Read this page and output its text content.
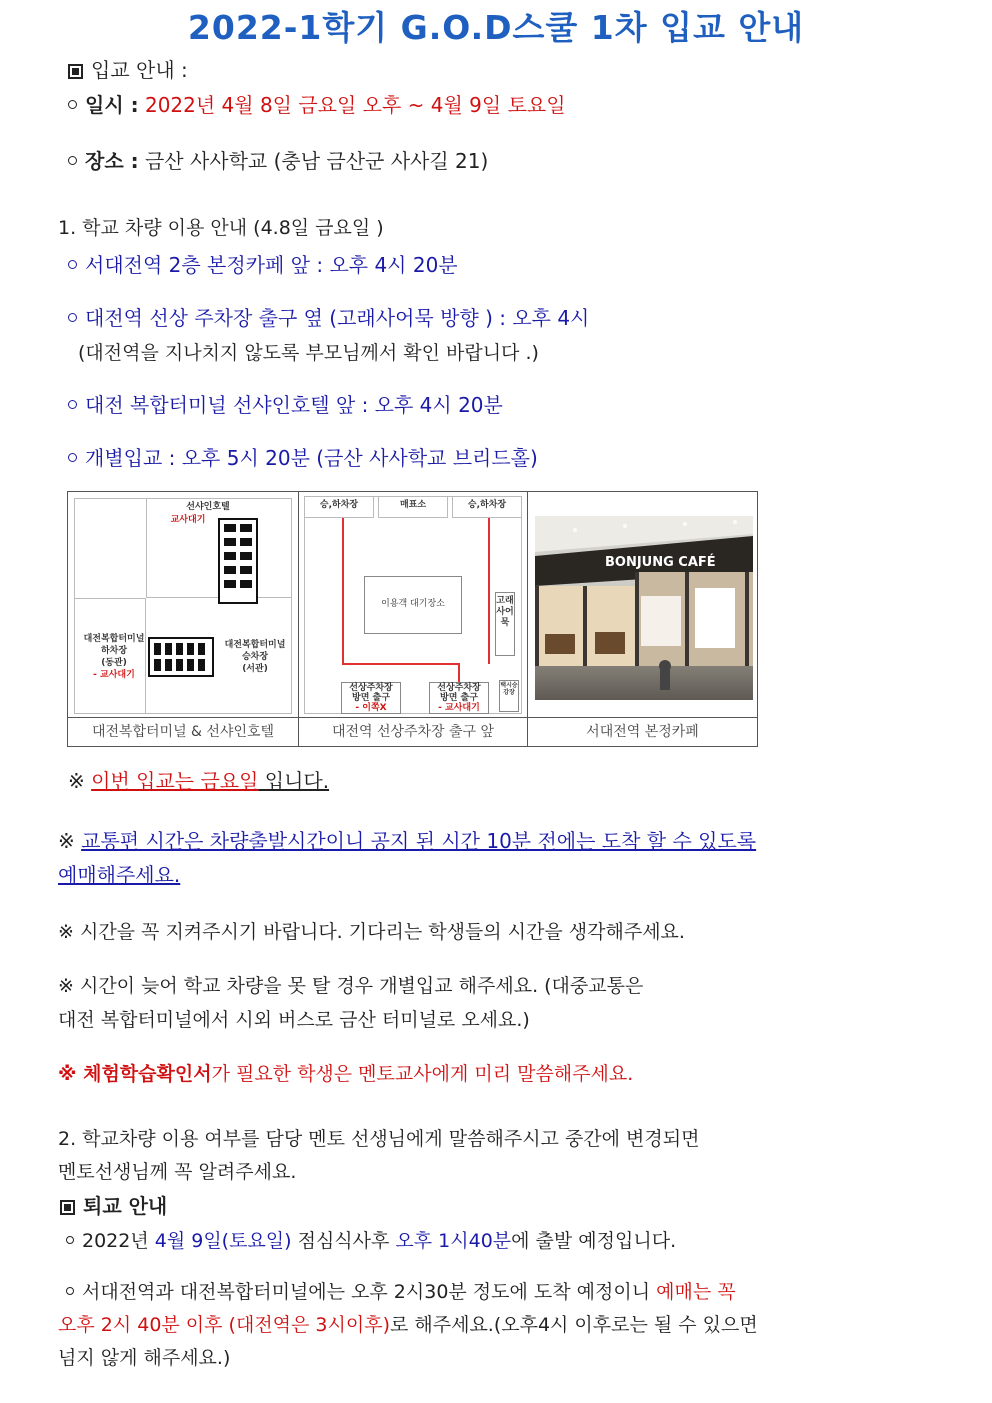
2022-1학기 G.O.D스쿨 1차 입교 안내
입교 안내 :
일시 : 2022년 4월 8일 금요일 오후 ~ 4월 9일 토요일
장소 : 금산 사사학교 (충남 금산군 사사길 21)
1. 학교 차량 이용 안내 (4.8일 금요일 )
서대전역 2층 본정카페 앞 : 오후 4시 20분
대전역 선상 주차장 출구 옆 (고래사어묵 방향 ) : 오후 4시
(대전역을 지나치지 않도록 부모님께서 확인 바랍니다 .)
대전 복합터미널 선샤인호텔 앞 : 오후 4시 20분
개별입교 : 오후 5시 20분 (금산 사사학교 브리드홀)
선샤인호텔
교사대기
대전복합터미널
하차장
(동관)
- 교사대기
대전복합터미널
승차장
(서관)
대전복합터미널 & 선샤인호텔
승,하차장	매표소	승,하차장
이용객 대기장소	고래사어묵
선상주차장
방면 출구
- 이쪽X
선상주차장
방면 출구
- 교사대기
택시승강장
대전역 선상주차장 출구 앞
BONJUNG CAFÉ
서대전역 본정카페
※ 이번 입교는 금요일 입니다.
※ 교통편 시간은 차량출발시간이니 공지 된 시간 10분 전에는 도착 할 수 있도록
예매해주세요.
※ 시간을 꼭 지켜주시기 바랍니다. 기다리는 학생들의 시간을 생각해주세요.
※ 시간이 늦어 학교 차량을 못 탈 경우 개별입교 해주세요. (대중교통은
대전 복합터미널에서 시외 버스로 금산 터미널로 오세요.)
※ 체험학습확인서가 필요한 학생은 멘토교사에게 미리 말씀해주세요.
2. 학교차량 이용 여부를 담당 멘토 선생님에게 말씀해주시고 중간에 변경되면
멘토선생님께 꼭 알려주세요.
퇴교 안내
2022년 4월 9일(토요일) 점심식사후 오후 1시40분에 출발 예정입니다.
서대전역과 대전복합터미널에는 오후 2시30분 정도에 도착 예정이니 예매는 꼭
오후 2시 40분 이후 (대전역은 3시이후)로 해주세요.(오후4시 이후로는 될 수 있으면
넘지 않게 해주세요.)
